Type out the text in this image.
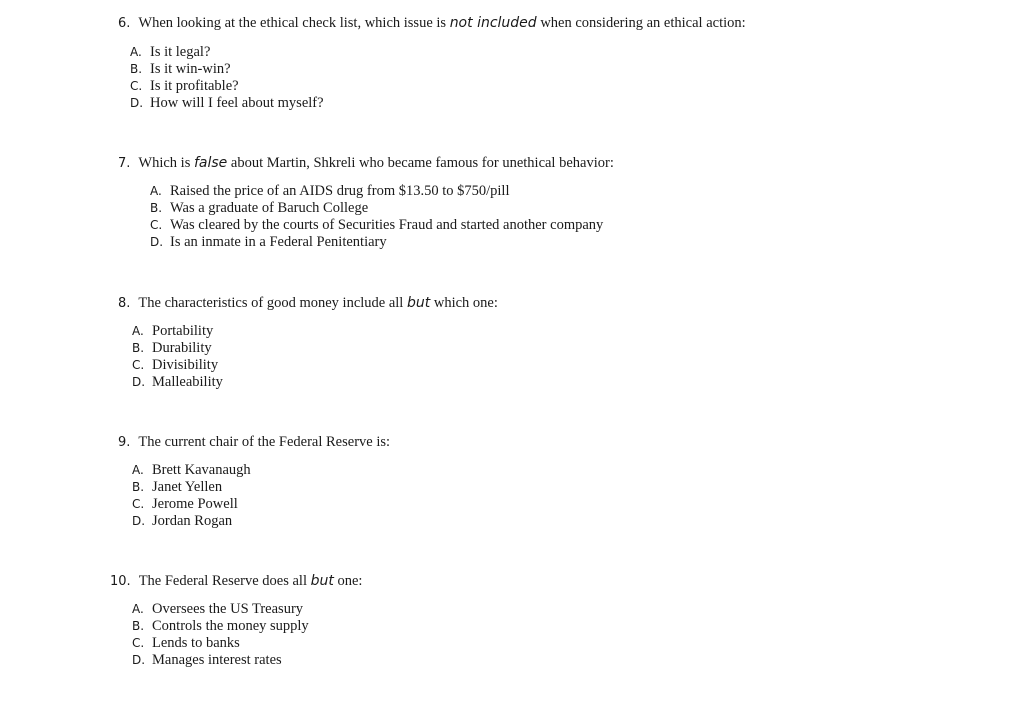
6. When looking at the ethical check list, which issue is not included when considering an ethical action:
A. Is it legal?
B. Is it win-win?
C. Is it profitable?
D. How will I feel about myself?
7. Which is false about Martin, Shkreli who became famous for unethical behavior:
A. Raised the price of an AIDS drug from $13.50 to $750/pill
B. Was a graduate of Baruch College
C. Was cleared by the courts of Securities Fraud and started another company
D. Is an inmate in a Federal Penitentiary
8. The characteristics of good money include all but which one:
A. Portability
B. Durability
C. Divisibility
D. Malleability
9. The current chair of the Federal Reserve is:
A. Brett Kavanaugh
B. Janet Yellen
C. Jerome Powell
D. Jordan Rogan
10. The Federal Reserve does all but one:
A. Oversees the US Treasury
B. Controls the money supply
C. Lends to banks
D. Manages interest rates
